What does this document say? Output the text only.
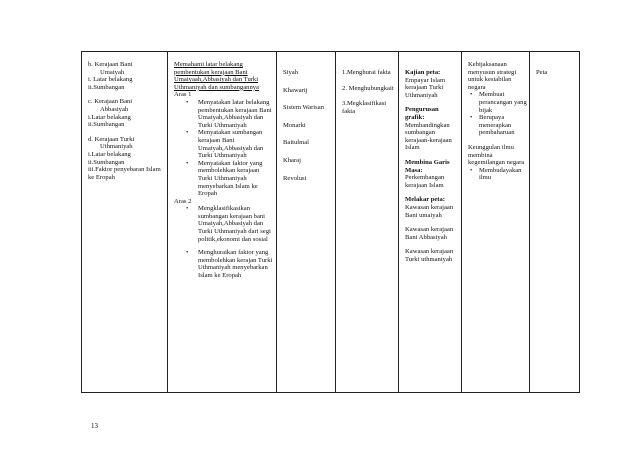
b. Kerajaan Bani
Umaiyah
i. Latar belakang
ii.Sumbangan
c. Kerajaan Bani
Abbasiyah
i.Latar belakang
ii.Sumbangan
d. Kerajaan Turki
Uthmaniyah
i.Latar belakang
ii.Sumbangan
iii.Faktor penyebaran Islam ke Eropah

Memahami latar belakang pembentukan kerajaan Bani Umaiyaah,Abbasiyah dan Turki Uthmaniyah dan sumbangannya
Aras 1
• Menyatakan latar belakang pembentukan kerajaan Bani Umaiyah,Abbasiyah dan Turki Uthmaniyah
• Menyatakan sumbangan kerajaan Bani Umaiyah,Abbasiyah dan Turki Uthmaniyah
• Menyatakan faktor yang membolehkan kerajaan Turki Uthmaniyah menyebarkan Islam ke Eropah
Aras 2
• Mengklasifikasikan sumbangan kerajaan bani Umaiyah,Abbasiyah dan Turki Uthmaniyah dari segi politik,ekonomi dan sosial
• Menghuraikan faktor yang membolehkan kerajan Turki Uthmaniyah menyebarkan Islam ke Eropah

Siyah
Khawarij
Sistem Warisan
Monarki
Baitulmal
Kharaj
Revolusi

1.Menghurai fakta
2. Menghubungkait
3.Megklasifikasi fakta

Kajian peta:
Empayar Islam kerajaan Turki Uthmaniyah
Pengurusan grafik:
Membandingkan sumbangan kerajaan-kerajaan Islam
Membina Garis Masa:
Perkembangan kerajaan Islam
Melakar peta:
Kawasan kerajaan Bani umaiyah
Kawasan kerajaan Bani Abbasiyah
Kawasan kerajaan Turki uthmaniyah

Kebijaksanaan menyusun strategi untuk kestabilan negara
• Membuat perancangan yang bijak
• Berupaya menerapkan pembaharuan
Keunggulan ilmu membina kegemilangan negara
• Membudayakan ilmu

Peta
13
